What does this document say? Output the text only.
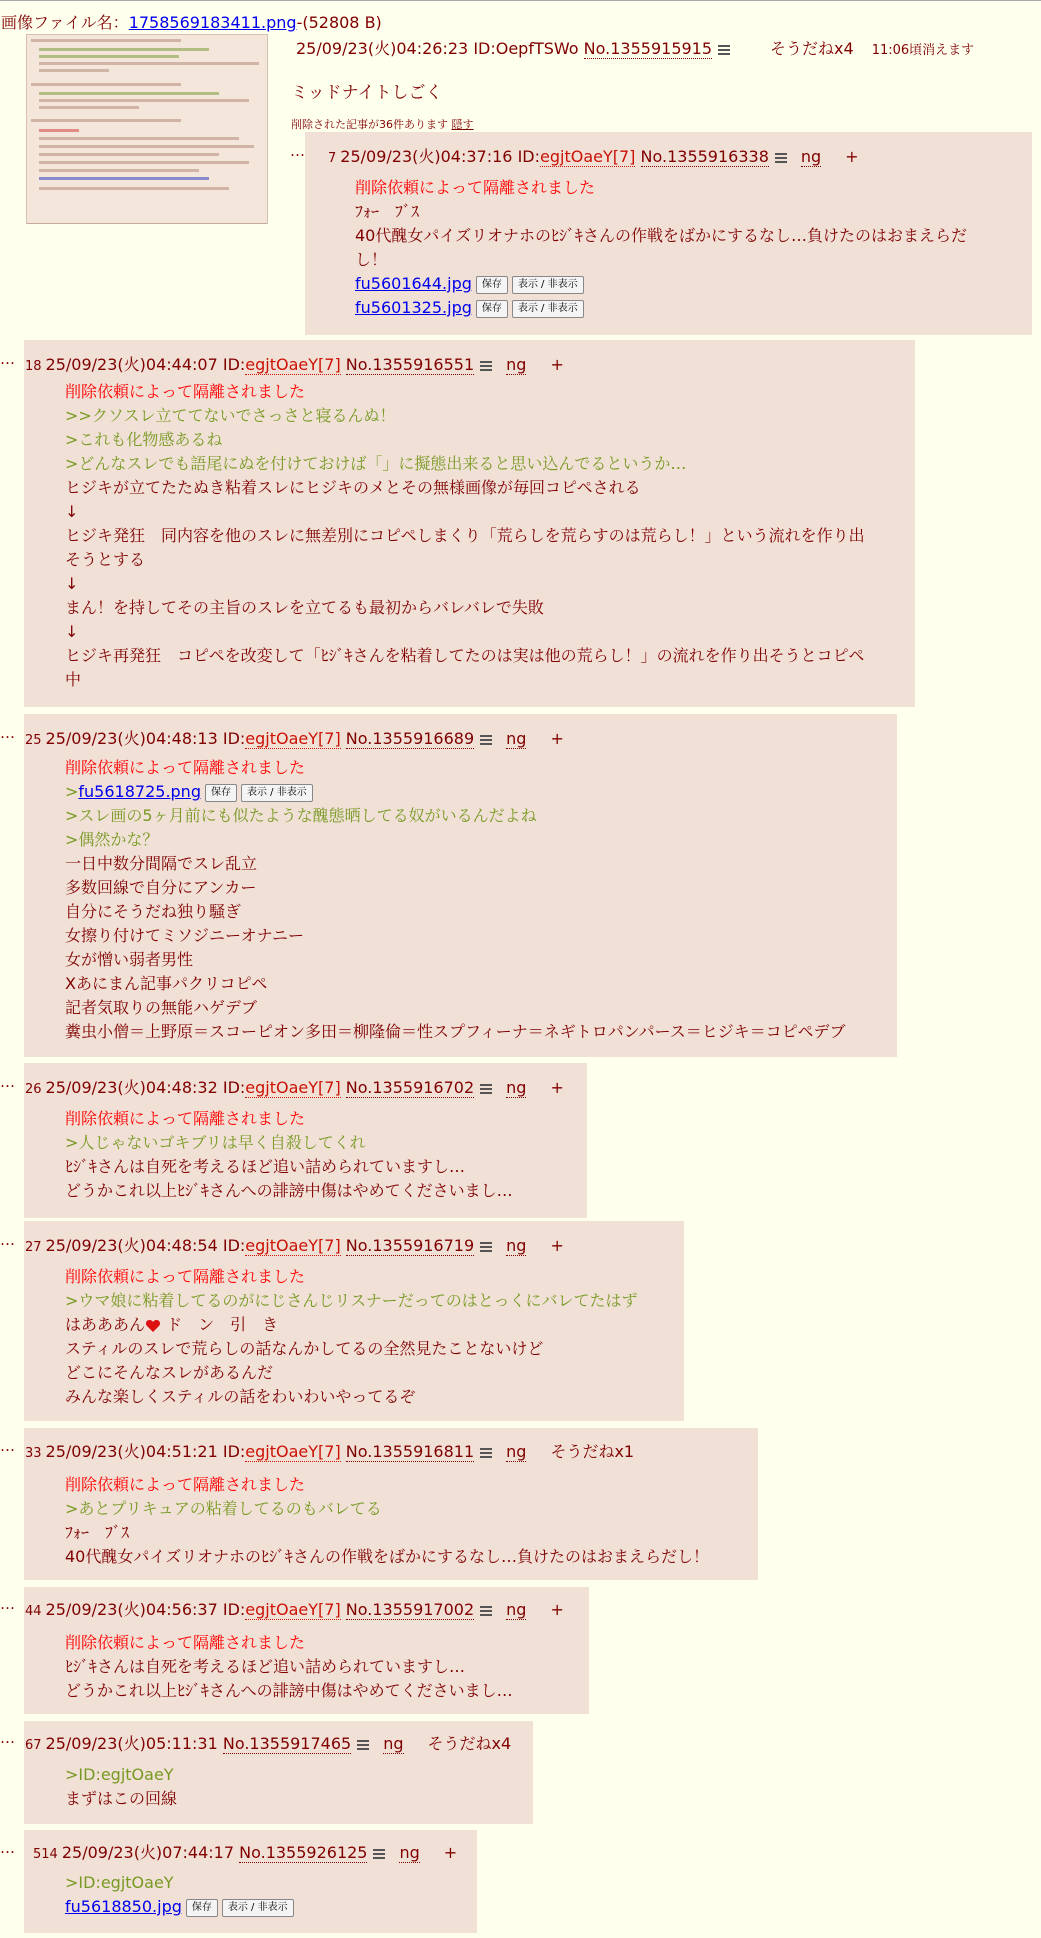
画像ファイル名：1758569183411.png-(52808 B)
25/09/23(火)04:26:23 ID:OepfTSWo No.1355915915	そうだねx4 11:06頃消えます
ミッドナイトしごく
削除された記事が36件あります 隠す
… 7 25/09/23(火)04:37:16 ID:egjtOaeY[7] No.1355916338 ng +
削除依頼によって隔離されました
ﾌｫｰ　ﾌﾞｽ
40代醜女パイズリオナホのﾋｼﾞｷさんの作戦をばかにするなし…負けたのはおまえらだ
し！
fu5601644.jpg 保存 表示 / 非表示
fu5601325.jpg 保存 表示 / 非表示
… 18 25/09/23(火)04:44:07 ID:egjtOaeY[7] No.1355916551 ng +
削除依頼によって隔離されました
>>クソスレ立ててないでさっさと寝るんぬ！
>これも化物感あるね
>どんなスレでも語尾にぬを付けておけば「」に擬態出来ると思い込んでるというか…
ヒジキが立てたたぬき粘着スレにヒジキのメとその無様画像が毎回コピペされる
↓
ヒジキ発狂　同内容を他のスレに無差別にコピペしまくり「荒らしを荒らすのは荒らし！」という流れを作り出
そうとする
↓
まん！を持してその主旨のスレを立てるも最初からバレバレで失敗
↓
ヒジキ再発狂　コピペを改変して「ﾋｼﾞｷさんを粘着してたのは実は他の荒らし！」の流れを作り出そうとコピペ
中
… 25 25/09/23(火)04:48:13 ID:egjtOaeY[7] No.1355916689 ng +
削除依頼によって隔離されました
>fu5618725.png 保存 表示 / 非表示
>スレ画の5ヶ月前にも似たような醜態晒してる奴がいるんだよね
>偶然かな？
一日中数分間隔でスレ乱立
多数回線で自分にアンカー
自分にそうだね独り騒ぎ
女擦り付けてミソジニーオナニー
女が憎い弱者男性
Xあにまん記事パクリコピペ
記者気取りの無能ハゲデブ
糞虫小僧＝上野原＝スコーピオン多田＝柳隆倫＝性スプフィーナ＝ネギトロパンパース＝ヒジキ＝コピペデブ
… 26 25/09/23(火)04:48:32 ID:egjtOaeY[7] No.1355916702 ng +
削除依頼によって隔離されました
>人じゃないゴキブリは早く自殺してくれ
ﾋｼﾞｷさんは自死を考えるほど追い詰められていますし…
どうかこれ以上ﾋｼﾞｷさんへの誹謗中傷はやめてくださいまし…
… 27 25/09/23(火)04:48:54 ID:egjtOaeY[7] No.1355916719 ng +
削除依頼によって隔離されました
>ウマ娘に粘着してるのがにじさんじリスナーだってのはとっくにバレてたはず
はあああん ド　ン　引　き
スティルのスレで荒らしの話なんかしてるの全然見たことないけど
どこにそんなスレがあるんだ
みんな楽しくスティルの話をわいわいやってるぞ
… 33 25/09/23(火)04:51:21 ID:egjtOaeY[7] No.1355916811 ng そうだねx1
削除依頼によって隔離されました
>あとプリキュアの粘着してるのもバレてる
ﾌｫｰ　ﾌﾞｽ
40代醜女パイズリオナホのﾋｼﾞｷさんの作戦をばかにするなし…負けたのはおまえらだし！
… 44 25/09/23(火)04:56:37 ID:egjtOaeY[7] No.1355917002 ng +
削除依頼によって隔離されました
ﾋｼﾞｷさんは自死を考えるほど追い詰められていますし…
どうかこれ以上ﾋｼﾞｷさんへの誹謗中傷はやめてくださいまし…
… 67 25/09/23(火)05:11:31 No.1355917465 ng そうだねx4
>ID:egjtOaeY
まずはこの回線
… 514 25/09/23(火)07:44:17 No.1355926125 ng +
>ID:egjtOaeY
fu5618850.jpg 保存 表示 / 非表示
